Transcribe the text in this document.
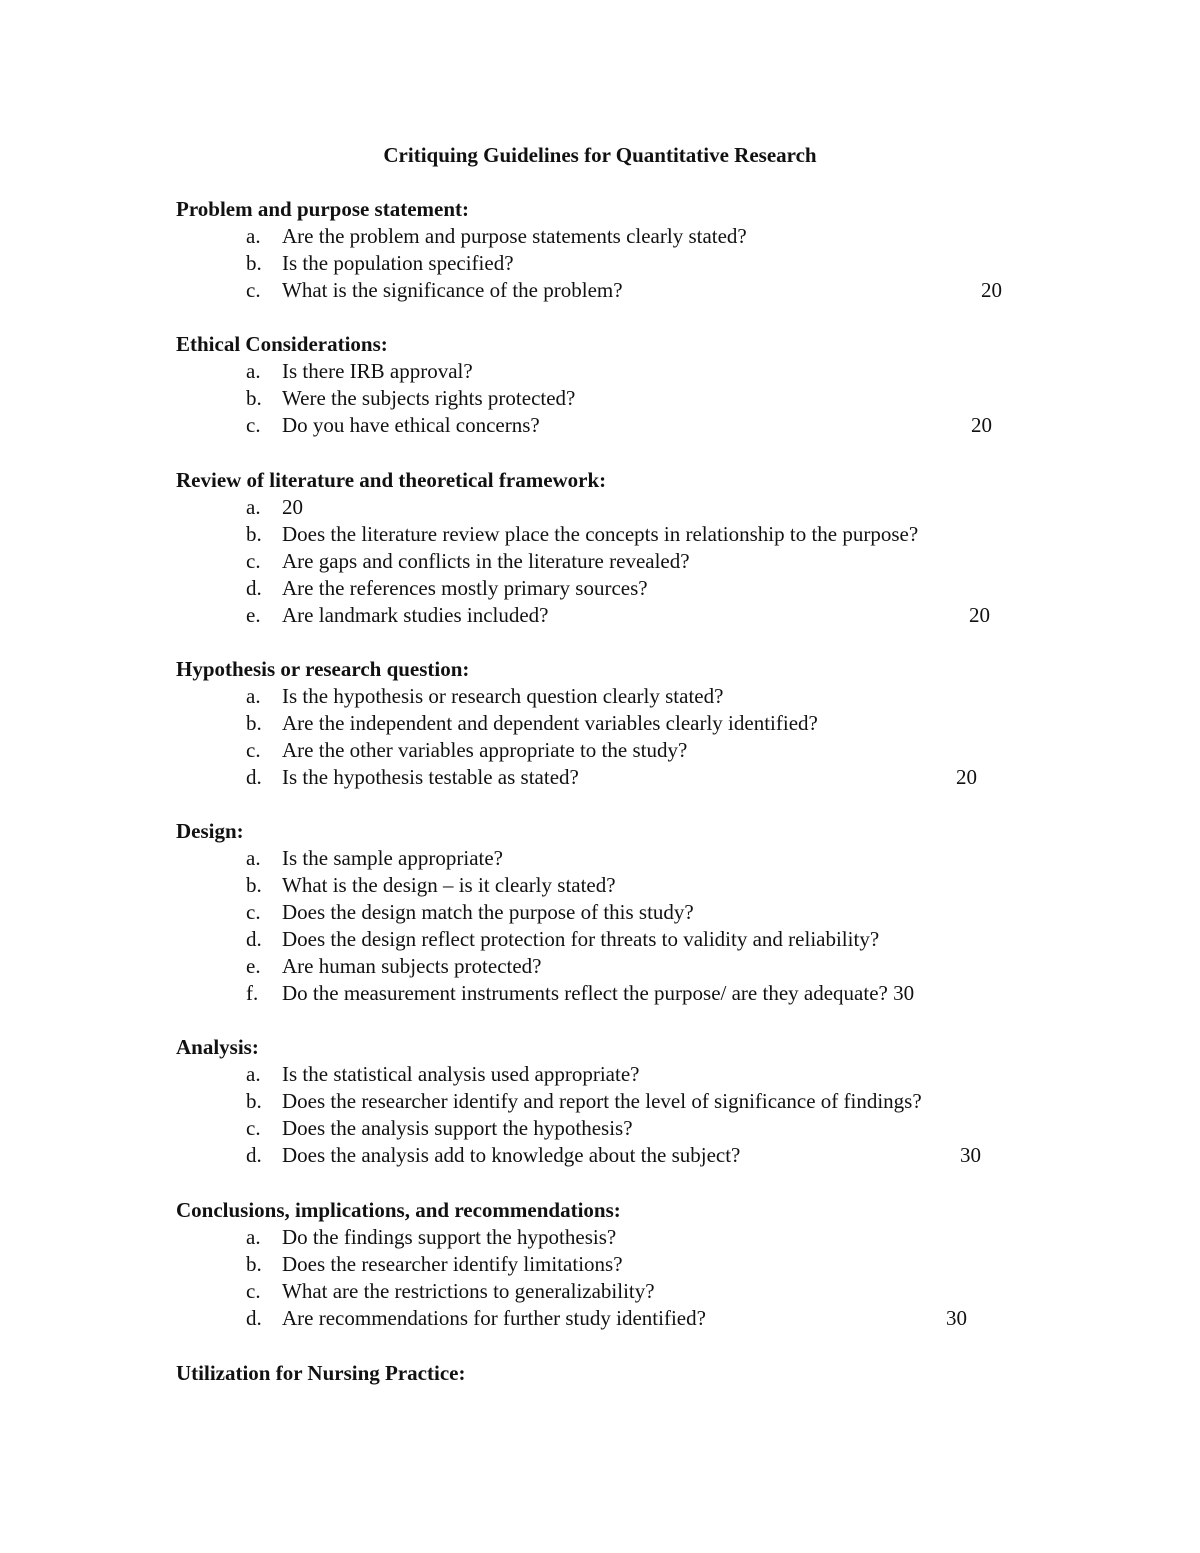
Critiquing Guidelines for Quantitative Research
Problem and purpose statement:
a. Are the problem and purpose statements clearly stated?
b. Is the population specified?
c. What is the significance of the problem?	20
Ethical Considerations:
a. Is there IRB approval?
b. Were the subjects rights protected?
c. Do you have ethical concerns?	20
Review of literature and theoretical framework:
a. 20
b. Does the literature review place the concepts in relationship to the purpose?
c. Are gaps and conflicts in the literature revealed?
d. Are the references mostly primary sources?
e. Are landmark studies included?	20
Hypothesis or research question:
a. Is the hypothesis or research question clearly stated?
b. Are the independent and dependent variables clearly identified?
c. Are the other variables appropriate to the study?
d. Is the hypothesis testable as stated?	20
Design:
a. Is the sample appropriate?
b. What is the design – is it clearly stated?
c. Does the design match the purpose of this study?
d. Does the design reflect protection for threats to validity and reliability?
e. Are human subjects protected?
f. Do the measurement instruments reflect the purpose/ are they adequate? 30
Analysis:
a. Is the statistical analysis used appropriate?
b. Does the researcher identify and report the level of significance of findings?
c. Does the analysis support the hypothesis?
d. Does the analysis add to knowledge about the subject?	30
Conclusions, implications, and recommendations:
a. Do the findings support the hypothesis?
b. Does the researcher identify limitations?
c. What are the restrictions to generalizability?
d. Are recommendations for further study identified?	30
Utilization for Nursing Practice:
